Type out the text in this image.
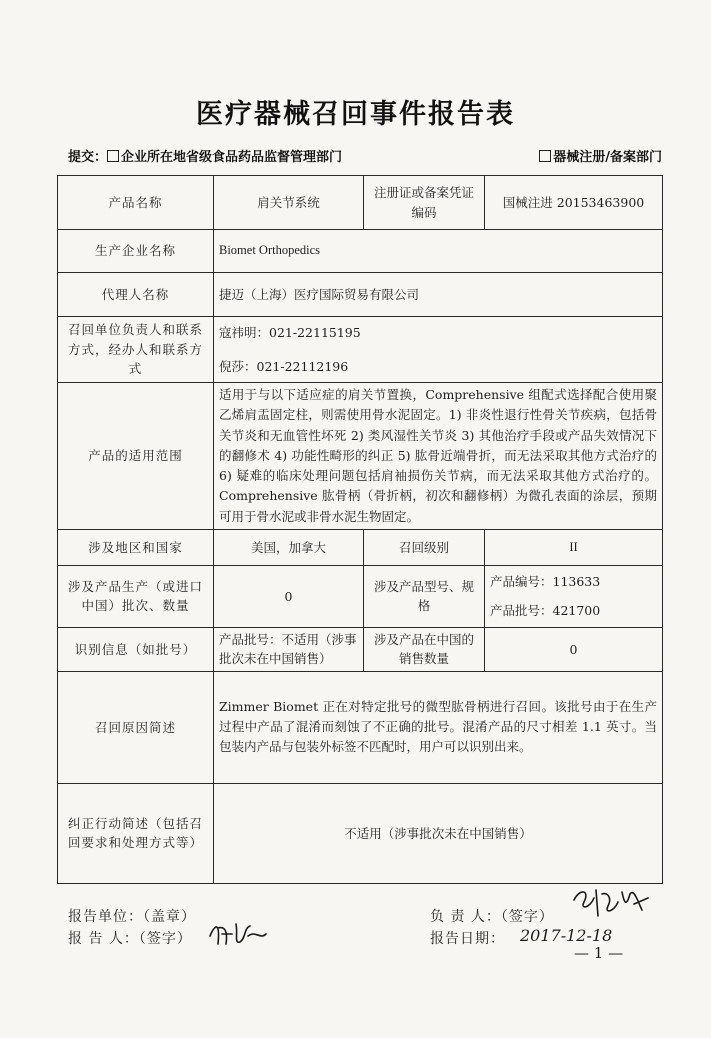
医疗器械召回事件报告表
提交： 企业所在地省级食品药品监督管理部门	器械注册/备案部门
产品名称	肩关节系统	注册证或备案凭证编码	国械注进 20153463900
生产企业名称	Biomet Orthopedics		
代理人名称	捷迈（上海）医疗国际贸易有限公司		
召回单位负责人和联系方式，经办人和联系方式	寇祎明：021-22115195

倪莎：021-22112196		

产品的适用范围	适用于与以下适应症的肩关节置换，Comprehensive 组配式选择配合使用聚乙烯肩盂固定柱，则需使用骨水泥固定。1) 非炎性退行性骨关节疾病，包括骨关节炎和无血管性坏死 2) 类风湿性关节炎 3) 其他治疗手段或产品失效情况下的翻修术 4) 功能性畸形的纠正 5) 肱骨近端骨折，而无法采取其他方式治疗的 6) 疑难的临床处理问题包括肩袖损伤关节病，而无法采取其他方式治疗的。Comprehensive 肱骨柄（骨折柄，初次和翻修柄）为微孔表面的涂层，预期可用于骨水泥或非骨水泥生物固定。		
涉及地区和国家	美国，加拿大	召回级别	II
涉及产品生产（或进口中国）批次、数量	0	涉及产品型号、规格	产品编号：113633

产品批号：421700

识别信息（如批号）	产品批号：不适用（涉事批次未在中国销售）	涉及产品在中国的销售数量	0
召回原因简述	Zimmer Biomet 正在对特定批号的微型肱骨柄进行召回。该批号由于在生产过程中产品了混淆而刻蚀了不正确的批号。混淆产品的尺寸相差 1.1 英寸。当包装内产品与包装外标签不匹配时，用户可以识别出来。		
纠正行动简述（包括召回要求和处理方式等）	不适用（涉事批次未在中国销售）		
报告单位：（盖章）
报 告 人：（签字）
负 责 人：（签字）
报告日期： 2017-12-18
— 1 —
